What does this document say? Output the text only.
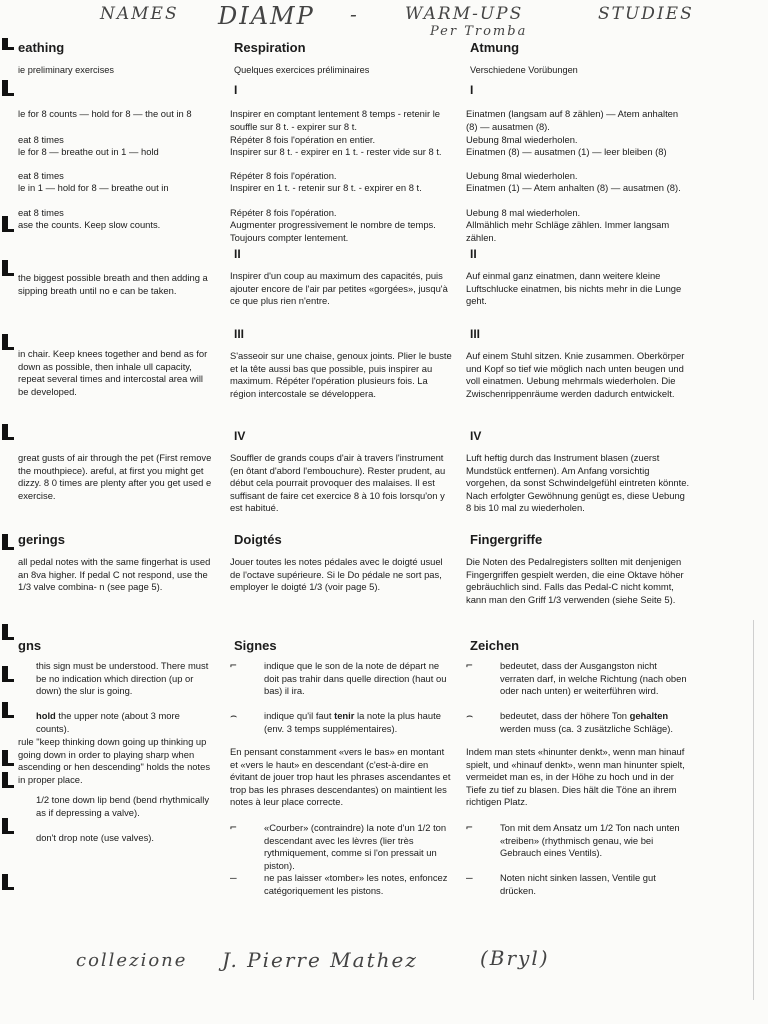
NAMES DIAMP -	WARM-UPS	STUDIES
Per Tromba
eathing
ie preliminary exercises

le for 8 counts — hold for 8 — the out in 8

eat 8 times

le for 8 — breathe out in 1 — hold

eat 8 times

le in 1 — hold for 8 — breathe out in

eat 8 times

ase the counts. Keep slow counts.

the biggest possible breath and then adding a sipping breath until no e can be taken.

in chair. Keep knees together and bend as for down as possible, then inhale ull capacity, repeat several times and intercostal area will be developed.

great gusts of air through the pet (First remove the mouthpiece). areful, at first you might get dizzy. 8 0 times are plenty after you get used e exercise.

gerings

all pedal notes with the same fingerhat is used an 8va higher. If pedal C not respond, use the 1/3 valve combina- n (see page 5).

gns

this sign must be understood. There must be no indication which direction (up or down) the slur is going.

hold the upper note (about 3 more counts).

rule "keep thinking down going up thinking up going down in order to playing sharp when ascending or hen descending" holds the notes in proper place.

1/2 tone down lip bend (bend rhythmically as if depressing a valve).

don't drop note (use valves).

Respiration
Quelques exercices préliminaires
I

Inspirer en comptant lentement 8 temps - retenir le souffle sur 8 t. - expirer sur 8 t.

Répéter 8 fois l'opération en entier.

Inspirer sur 8 t. - expirer en 1 t. - rester vide sur 8 t.

Répéter 8 fois l'opération.

Inspirer en 1 t. - retenir sur 8 t. - expirer en 8 t.

Répéter 8 fois l'opération.

Augmenter progressivement le nombre de temps. Toujours compter lentement.

II

Inspirer d'un coup au maximum des capacités, puis ajouter encore de l'air par petites «gorgées», jusqu'à ce que plus rien n'entre.

III

S'asseoir sur une chaise, genoux joints. Plier le buste et la tête aussi bas que possible, puis inspirer au maximum. Répéter l'opération plusieurs fois. La région intercostale se développera.

IV

Souffler de grands coups d'air à travers l'instrument (en ôtant d'abord l'embouchure). Rester prudent, au début cela pourrait provoquer des malaises. Il est suffisant de faire cet exercice 8 à 10 fois lorsqu'on y est habitué.

Doigtés

Jouer toutes les notes pédales avec le doigté usuel de l'octave supérieure. Si le Do pédale ne sort pas, employer le doigté 1/3 (voir page 5).

Signes
⌐	indique que le son de la note de départ ne doit pas trahir dans quelle direction (haut ou bas) il ira.
⌢	indique qu'il faut tenir la note la plus haute (env. 3 temps supplémentaires).

En pensant constamment «vers le bas» en montant et «vers le haut» en descendant (c'est-à-dire en évitant de jouer trop haut les phrases ascendantes et trop bas les phrases descendantes) on maintient les notes à leur place correcte.

⌐	«Courber» (contraindre) la note d'un 1/2 ton descendant avec les lèvres (lier très rythmiquement, comme si l'on pressait un piston).
—	ne pas laisser «tomber» les notes, enfoncez catégoriquement les pistons.
Atmung
Verschiedene Vorübungen
I

Einatmen (langsam auf 8 zählen) — Atem anhalten (8) — ausatmen (8).

Uebung 8mal wiederholen.

Einatmen (8) — ausatmen (1) — leer bleiben (8)

Uebung 8mal wiederholen.

Einatmen (1) — Atem anhalten (8) — ausatmen (8).

Uebung 8 mal wiederholen.

Allmählich mehr Schläge zählen. Immer langsam zählen.

II

Auf einmal ganz einatmen, dann weitere kleine Luftschlucke einatmen, bis nichts mehr in die Lunge geht.

III

Auf einem Stuhl sitzen. Knie zusammen. Oberkörper und Kopf so tief wie möglich nach unten beugen und voll einatmen. Uebung mehrmals wiederholen. Die Zwischenrippenräume werden dadurch entwickelt.

IV

Luft heftig durch das Instrument blasen (zuerst Mundstück entfernen). Am Anfang vorsichtig vorgehen, da sonst Schwindelgefühl eintreten könnte. Nach erfolgter Gewöhnung genügt es, diese Uebung 8 bis 10 mal zu wiederholen.

Fingergriffe

Die Noten des Pedalregisters sollten mit denjenigen Fingergriffen gespielt werden, die eine Oktave höher gebräuchlich sind. Falls das Pedal-C nicht kommt, kann man den Griff 1/3 verwenden (siehe Seite 5).

Zeichen
⌐	bedeutet, dass der Ausgangston nicht verraten darf, in welche Richtung (nach oben oder nach unten) er weiterführen wird.
⌢	bedeutet, dass der höhere Ton gehalten werden muss (ca. 3 zusätzliche Schläge).

Indem man stets «hinunter denkt», wenn man hinauf spielt, und «hinauf denkt», wenn man hinunter spielt, vermeidet man es, in der Höhe zu hoch und in der Tiefe zu tief zu blasen. Dies hält die Töne an ihrem richtigen Platz.

⌐	Ton mit dem Ansatz um 1/2 Ton nach unten «treiben» (rhythmisch genau, wie bei Gebrauch eines Ventils).
—	Noten nicht sinken lassen, Ventile gut drücken.
collezione J. Pierre Mathez	(Bryl)
